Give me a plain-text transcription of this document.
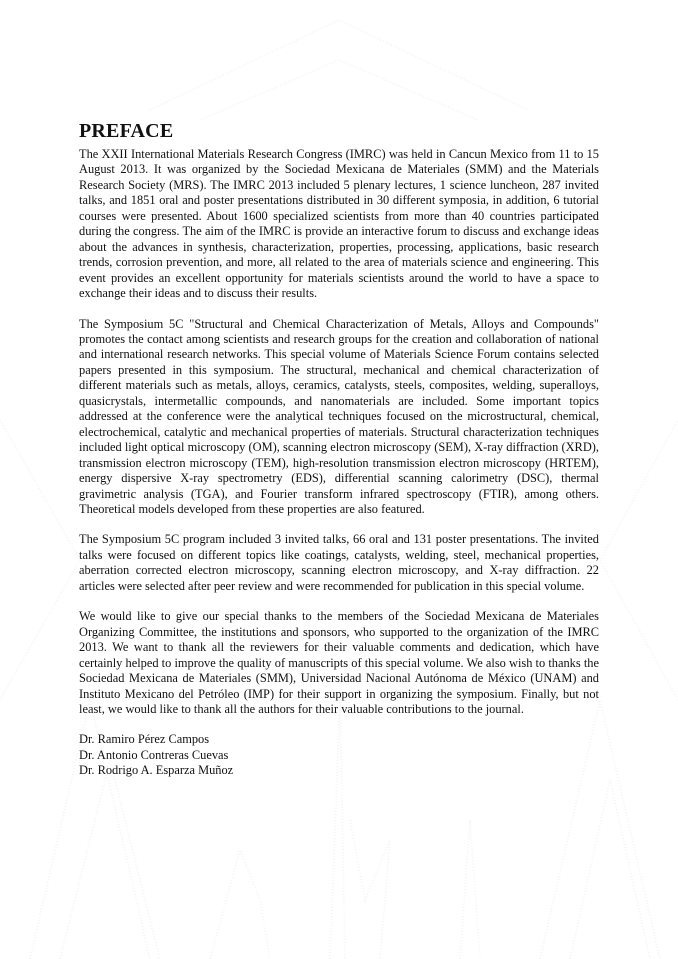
PREFACE

The XXII International Materials Research Congress (IMRC) was held in Cancun Mexico from 11 to 15 August 2013. It was organized by the Sociedad Mexicana de Materiales (SMM) and the Materials Research Society (MRS). The IMRC 2013 included 5 plenary lectures, 1 science luncheon, 287 invited talks, and 1851 oral and poster presentations distributed in 30 different symposia, in addition, 6 tutorial courses were presented. About 1600 specialized scientists from more than 40 countries participated during the congress. The aim of the IMRC is provide an interactive forum to discuss and exchange ideas about the advances in synthesis, characterization, properties, processing, applications, basic research trends, corrosion prevention, and more, all related to the area of materials science and engineering. This event provides an excellent opportunity for materials scientists around the world to have a space to exchange their ideas and to discuss their results.

The Symposium 5C "Structural and Chemical Characterization of Metals, Alloys and Compounds" promotes the contact among scientists and research groups for the creation and collaboration of national and international research networks. This special volume of Materials Science Forum contains selected papers presented in this symposium. The structural, mechanical and chemical characterization of different materials such as metals, alloys, ceramics, catalysts, steels, composites, welding, superalloys, quasicrystals, intermetallic compounds, and nanomaterials are included. Some important topics addressed at the conference were the analytical techniques focused on the microstructural, chemical, electrochemical, catalytic and mechanical properties of materials. Structural characterization techniques included light optical microscopy (OM), scanning electron microscopy (SEM), X-ray diffraction (XRD), transmission electron microscopy (TEM), high-resolution transmission electron microscopy (HRTEM), energy dispersive X-ray spectrometry (EDS), differential scanning calorimetry (DSC), thermal gravimetric analysis (TGA), and Fourier transform infrared spectroscopy (FTIR), among others. Theoretical models developed from these properties are also featured.

The Symposium 5C program included 3 invited talks, 66 oral and 131 poster presentations. The invited talks were focused on different topics like coatings, catalysts, welding, steel, mechanical properties, aberration corrected electron microscopy, scanning electron microscopy, and X-ray diffraction. 22 articles were selected after peer review and were recommended for publication in this special volume.

We would like to give our special thanks to the members of the Sociedad Mexicana de Materiales Organizing Committee, the institutions and sponsors, who supported to the organization of the IMRC 2013. We want to thank all the reviewers for their valuable comments and dedication, which have certainly helped to improve the quality of manuscripts of this special volume. We also wish to thanks the Sociedad Mexicana de Materiales (SMM), Universidad Nacional Autónoma de México (UNAM) and Instituto Mexicano del Petróleo (IMP) for their support in organizing the symposium. Finally, but not least, we would like to thank all the authors for their valuable contributions to the journal.

Dr. Ramiro Pérez Campos
Dr. Antonio Contreras Cuevas
Dr. Rodrigo A. Esparza Muñoz
